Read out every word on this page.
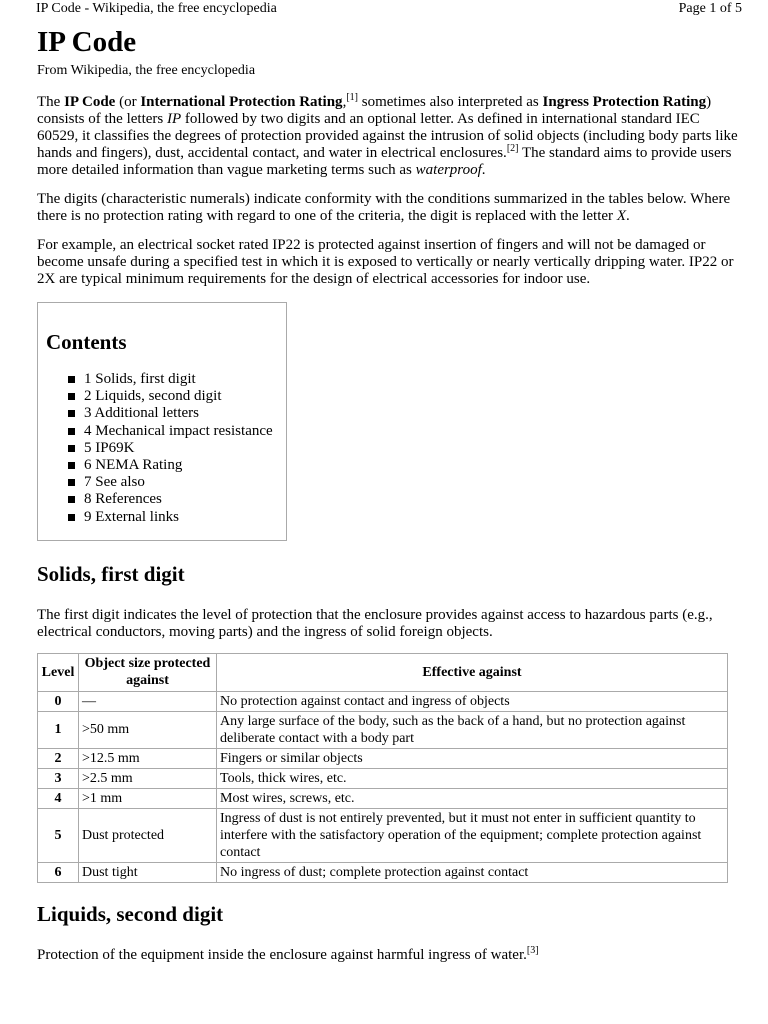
IP Code - Wikipedia, the free encyclopedia	Page 1 of 5
IP Code
From Wikipedia, the free encyclopedia

The IP Code (or International Protection Rating,[1] sometimes also interpreted as Ingress Protection Rating) consists of the letters IP followed by two digits and an optional letter. As defined in international standard IEC 60529, it classifies the degrees of protection provided against the intrusion of solid objects (including body parts like hands and fingers), dust, accidental contact, and water in electrical enclosures.[2] The standard aims to provide users more detailed information than vague marketing terms such as waterproof.

The digits (characteristic numerals) indicate conformity with the conditions summarized in the tables below. Where there is no protection rating with regard to one of the criteria, the digit is replaced with the letter X.

For example, an electrical socket rated IP22 is protected against insertion of fingers and will not be damaged or become unsafe during a specified test in which it is exposed to vertically or nearly vertically dripping water. IP22 or 2X are typical minimum requirements for the design of electrical accessories for indoor use.

Contents
1 Solids, first digit
2 Liquids, second digit
3 Additional letters
4 Mechanical impact resistance
5 IP69K
6 NEMA Rating
7 See also
8 References
9 External links
Solids, first digit

The first digit indicates the level of protection that the enclosure provides against access to hazardous parts (e.g., electrical conductors, moving parts) and the ingress of solid foreign objects.

Level	Object size protected against	Effective against
0	—	No protection against contact and ingress of objects
1	>50 mm	Any large surface of the body, such as the back of a hand, but no protection against deliberate contact with a body part
2	>12.5 mm	Fingers or similar objects
3	>2.5 mm	Tools, thick wires, etc.
4	>1 mm	Most wires, screws, etc.
5	Dust protected	Ingress of dust is not entirely prevented, but it must not enter in sufficient quantity to interfere with the satisfactory operation of the equipment; complete protection against contact
6	Dust tight	No ingress of dust; complete protection against contact
Liquids, second digit

Protection of the equipment inside the enclosure against harmful ingress of water.[3]
